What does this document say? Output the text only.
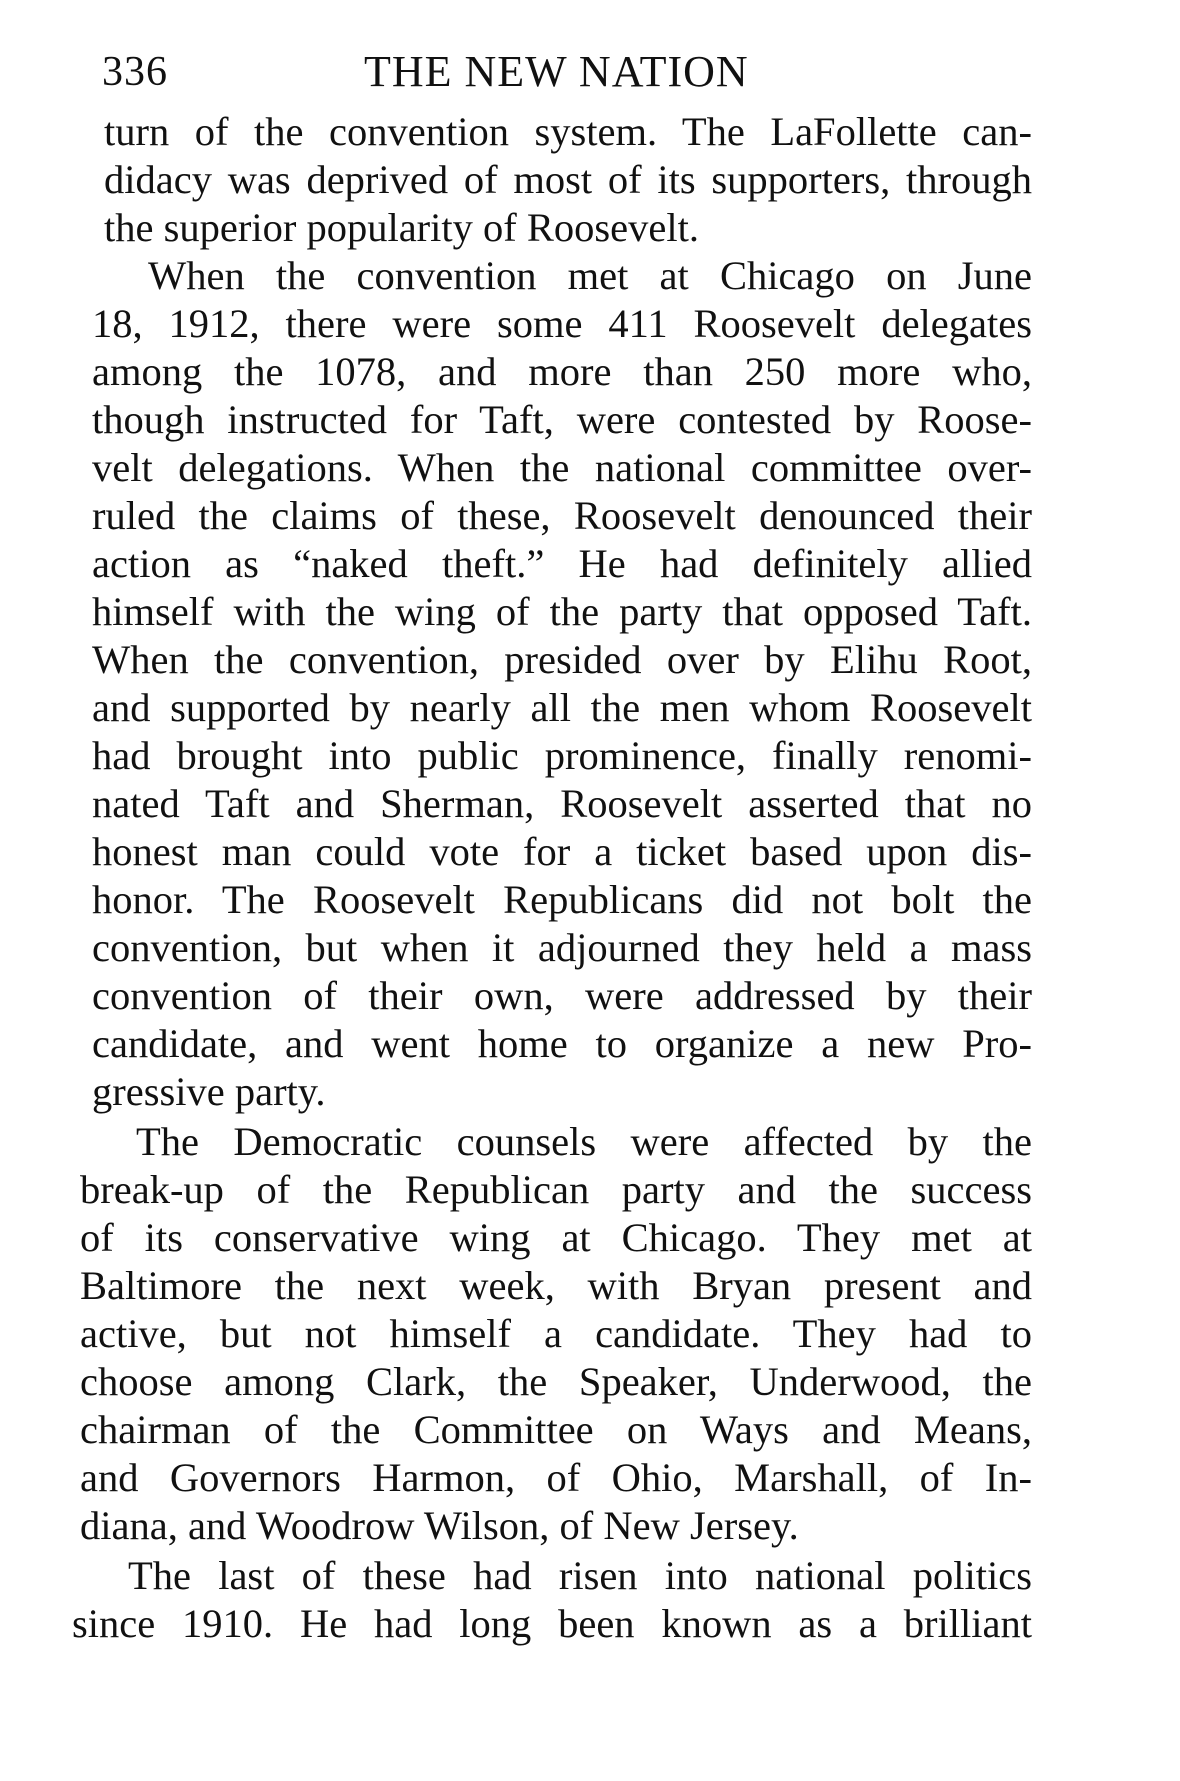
336	THE NEW NATION
turn of the convention system. The LaFollette can-
didacy was deprived of most of its supporters, through
the superior popularity of Roosevelt.
When the convention met at Chicago on June
18, 1912, there were some 411 Roosevelt delegates
among the 1078, and more than 250 more who,
though instructed for Taft, were contested by Roose-
velt delegations. When the national committee over-
ruled the claims of these, Roosevelt denounced their
action as “naked theft.” He had definitely allied
himself with the wing of the party that opposed Taft.
When the convention, presided over by Elihu Root,
and supported by nearly all the men whom Roosevelt
had brought into public prominence, finally renomi-
nated Taft and Sherman, Roosevelt asserted that no
honest man could vote for a ticket based upon dis-
honor. The Roosevelt Republicans did not bolt the
convention, but when it adjourned they held a mass
convention of their own, were addressed by their
candidate, and went home to organize a new Pro-
gressive party.
The Democratic counsels were affected by the
break-up of the Republican party and the success
of its conservative wing at Chicago. They met at
Baltimore the next week, with Bryan present and
active, but not himself a candidate. They had to
choose among Clark, the Speaker, Underwood, the
chairman of the Committee on Ways and Means,
and Governors Harmon, of Ohio, Marshall, of In-
diana, and Woodrow Wilson, of New Jersey.
The last of these had risen into national politics
since 1910. He had long been known as a brilliant
